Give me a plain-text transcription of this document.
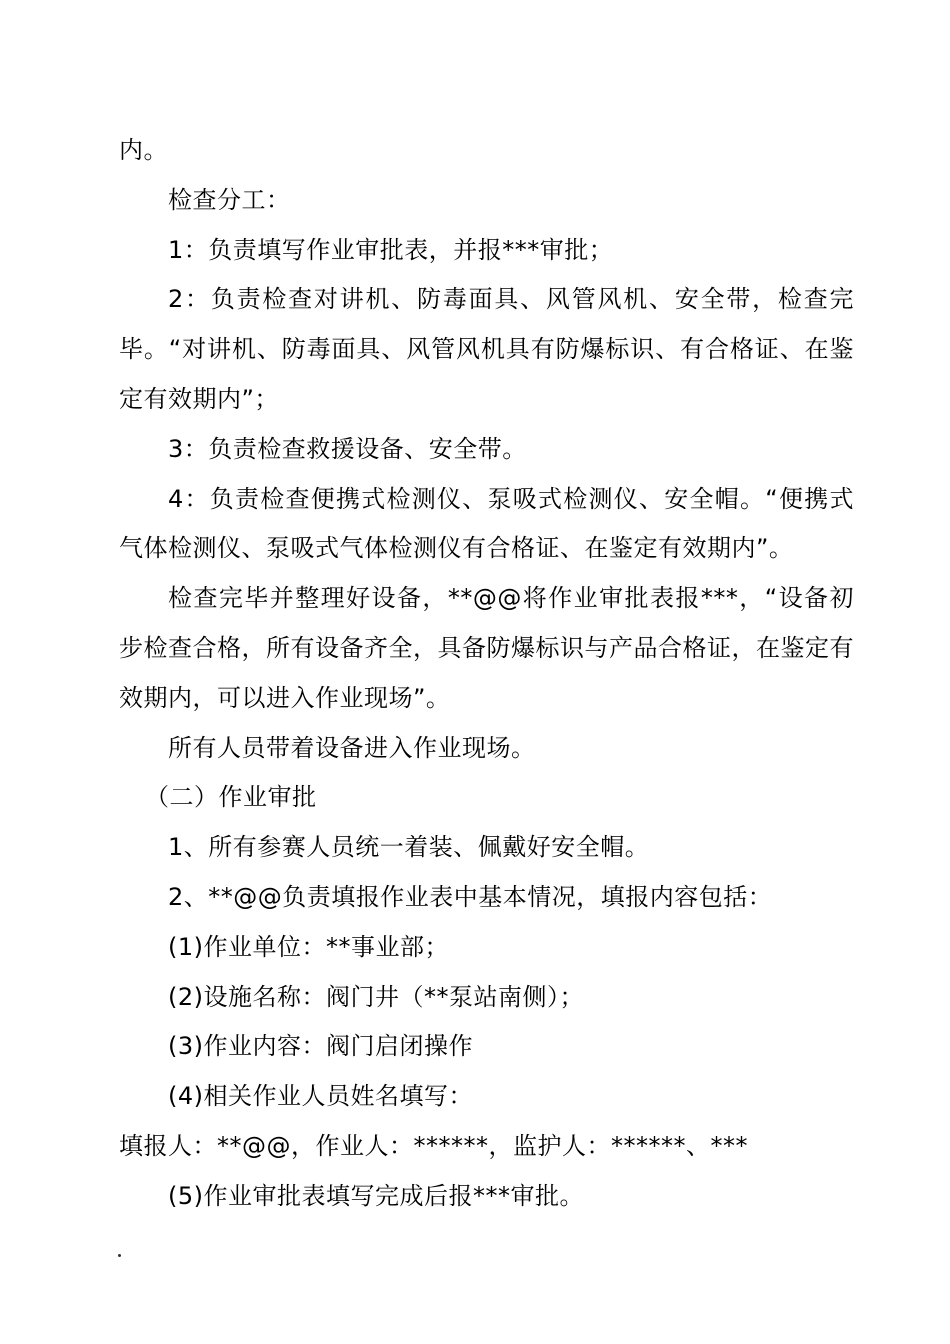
内。

检查分工：

1：负责填写作业审批表，并报***审批；

2：负责检查对讲机、防毒面具、风管风机、安全带，检查完毕。“对讲机、防毒面具、风管风机具有防爆标识、有合格证、在鉴定有效期内”；

3：负责检查救援设备、安全带。

4：负责检查便携式检测仪、泵吸式检测仪、安全帽。“便携式气体检测仪、泵吸式气体检测仪有合格证、在鉴定有效期内”。

检查完毕并整理好设备，**@@将作业审批表报***，“设备初步检查合格，所有设备齐全，具备防爆标识与产品合格证，在鉴定有效期内，可以进入作业现场”。

所有人员带着设备进入作业现场。

（二）作业审批

1、所有参赛人员统一着装、佩戴好安全帽。

2、**@@负责填报作业表中基本情况，填报内容包括：

(1)作业单位：**事业部；

(2)设施名称：阀门井（**泵站南侧）；

(3)作业内容：阀门启闭操作

(4)相关作业人员姓名填写：

填报人：**@@，作业人：******，监护人：******、***

(5)作业审批表填写完成后报***审批。
